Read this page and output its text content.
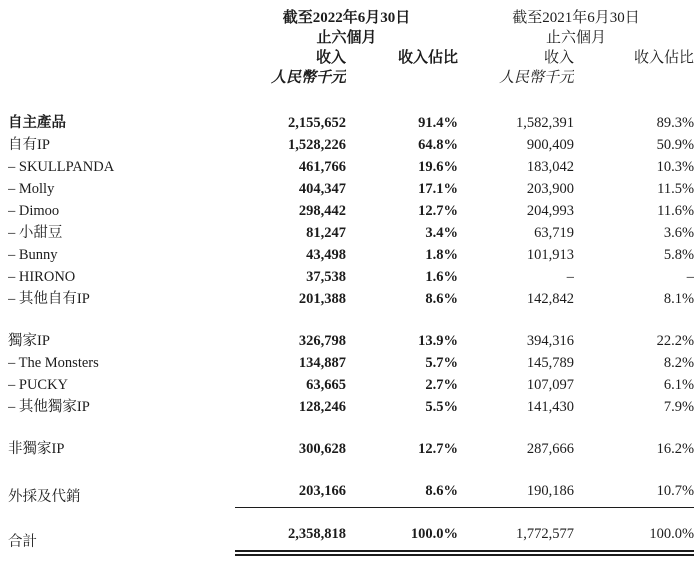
	截至2022年6月30日		截至2021年6月30日	
	止六個月		止六個月	
	收入	收入佔比	收入	收入佔比
	人民幣千元		人民幣千元	

自主產品	2,155,652	91.4%	1,582,391	89.3%
自有IP	1,528,226	64.8%	900,409	50.9%
– SKULLPANDA	461,766	19.6%	183,042	10.3%
– Molly	404,347	17.1%	203,900	11.5%
– Dimoo	298,442	12.7%	204,993	11.6%
– 小甜豆	81,247	3.4%	63,719	3.6%
– Bunny	43,498	1.8%	101,913	5.8%
– HIRONO	37,538	1.6%	–	–
– 其他自有IP	201,388	8.6%	142,842	8.1%

獨家IP	326,798	13.9%	394,316	22.2%
– The Monsters	134,887	5.7%	145,789	8.2%
– PUCKY	63,665	2.7%	107,097	6.1%
– 其他獨家IP	128,246	5.5%	141,430	7.9%

非獨家IP	300,628	12.7%	287,666	16.2%

外採及代銷	203,166	8.6%	190,186	10.7%

合計	2,358,818	100.0%	1,772,577	100.0%
